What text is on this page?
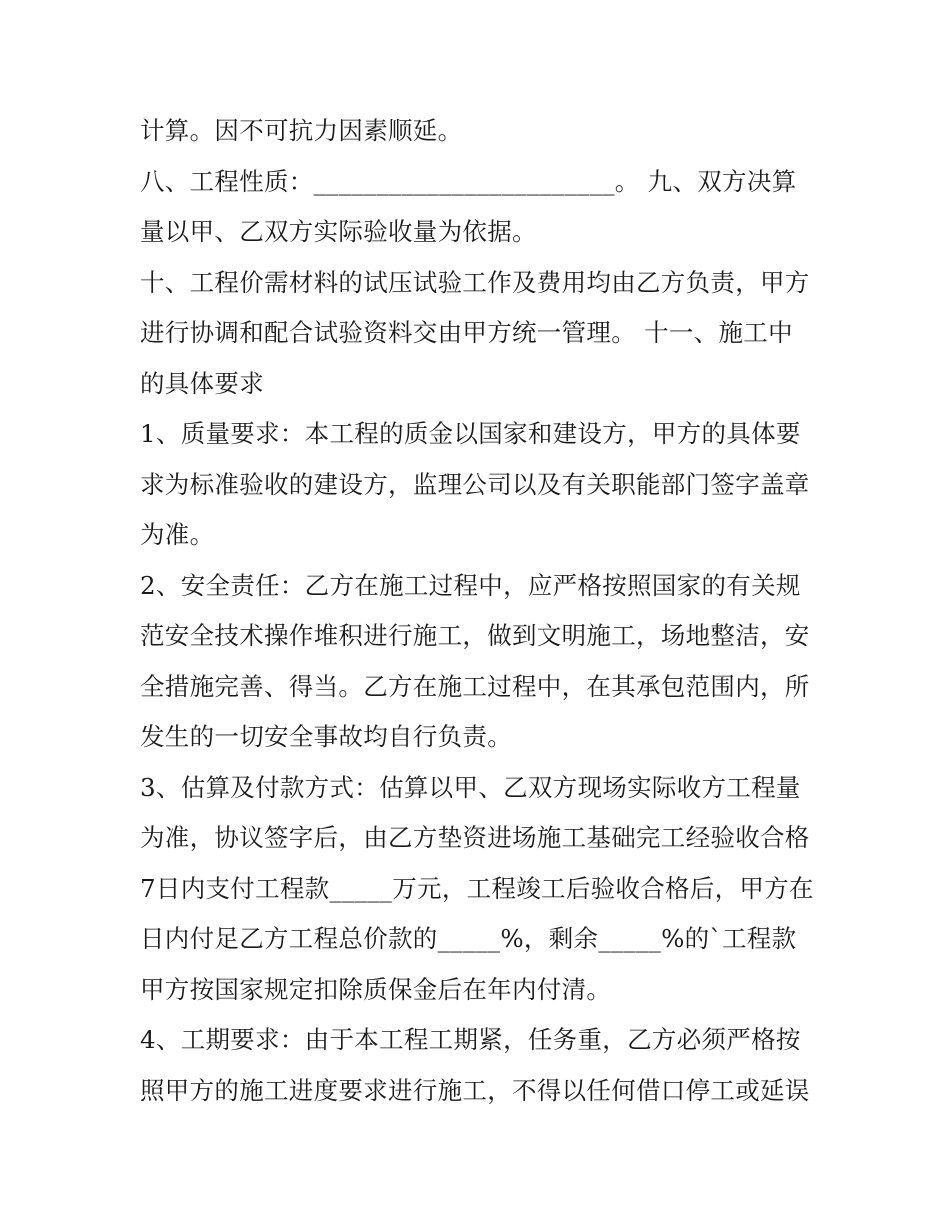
计算。因不可抗力因素顺延。
八、工程性质：________________________。 九、双方决算
量以甲、乙双方实际验收量为依据。
十、工程价需材料的试压试验工作及费用均由乙方负责，甲方
进行协调和配合试验资料交由甲方统一管理。 十一、施工中
的具体要求
1、质量要求：本工程的质金以国家和建设方，甲方的具体要
求为标准验收的建设方，监理公司以及有关职能部门签字盖章
为准。
2、安全责任：乙方在施工过程中，应严格按照国家的有关规
范安全技术操作堆积进行施工，做到文明施工，场地整洁，安
全措施完善、得当。乙方在施工过程中，在其承包范围内，所
发生的一切安全事故均自行负责。
3、估算及付款方式：估算以甲、乙双方现场实际收方工程量
为准，协议签字后，由乙方垫资进场施工基础完工经验收合格
7日内支付工程款_____万元，工程竣工后验收合格后，甲方在
日内付足乙方工程总价款的_____%，剩余_____%的`工程款
甲方按国家规定扣除质保金后在年内付清。
4、工期要求：由于本工程工期紧，任务重，乙方必须严格按
照甲方的施工进度要求进行施工，不得以任何借口停工或延误
